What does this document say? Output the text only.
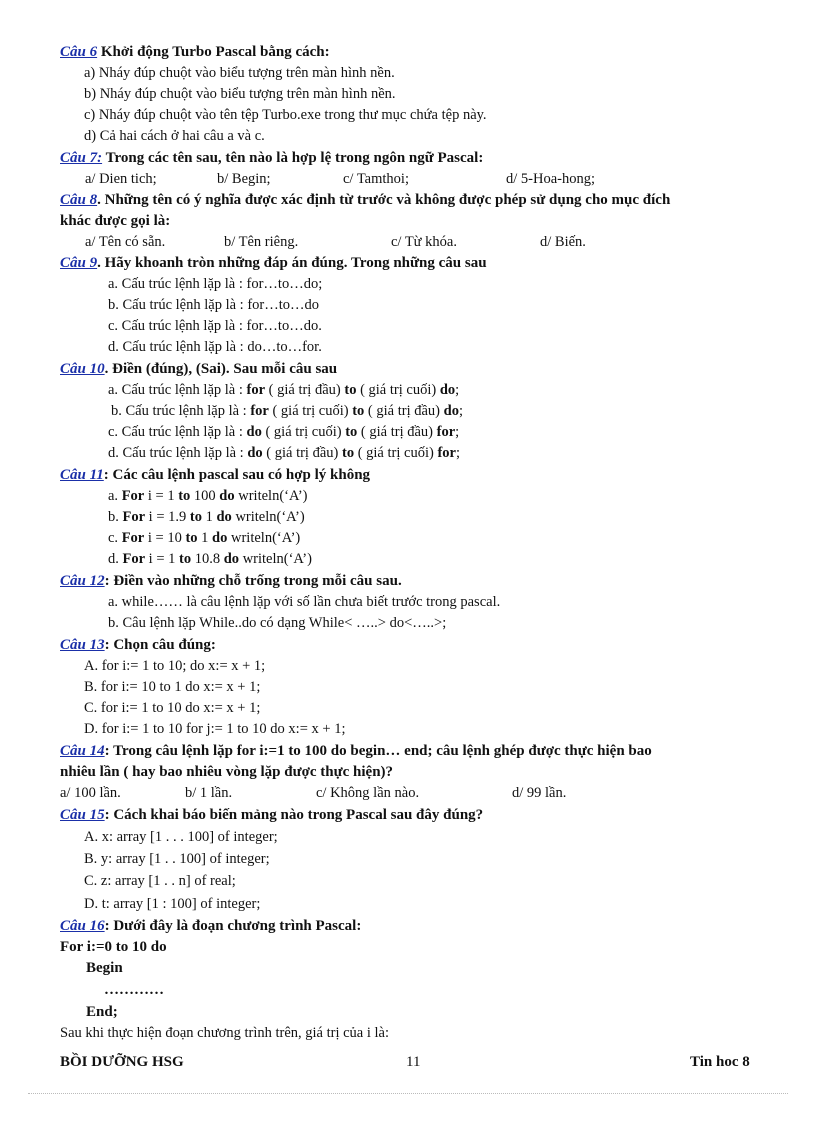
Câu 6 Khởi động Turbo Pascal bằng cách:
a) Nháy đúp chuột vào biểu tượng trên màn hình nền.
b) Nháy đúp chuột vào biểu tượng trên màn hình nền.
c) Nháy đúp chuột vào tên tệp Turbo.exe trong thư mục chứa tệp này.
d) Cả hai cách ở hai câu a và c.
Câu 7: Trong các tên sau, tên nào là hợp lệ trong ngôn ngữ Pascal:
a/ Dien tich;	b/ Begin;	c/ Tamthoi;	d/ 5-Hoa-hong;
Câu 8. Những tên có ý nghĩa được xác định từ trước và không được phép sử dụng cho mục đích
khác được gọi là:
a/ Tên có sẵn.	b/ Tên riêng.	c/ Từ khóa.	d/ Biến.
Câu 9. Hãy khoanh tròn những đáp án đúng. Trong những câu sau
a. Cấu trúc lệnh lặp là : for…to…do;
b. Cấu trúc lệnh lặp là : for…to…do
c. Cấu trúc lệnh lặp là : for…to…do.
d. Cấu trúc lệnh lặp là : do…to…for.
Câu 10. Điền (đúng), (Sai). Sau mỗi câu sau
a. Cấu trúc lệnh lặp là : for ( giá trị đầu) to ( giá trị cuối) do;
b. Cấu trúc lệnh lặp là : for ( giá trị cuối) to ( giá trị đầu) do;
c. Cấu trúc lệnh lặp là : do ( giá trị cuối) to ( giá trị đầu) for;
d. Cấu trúc lệnh lặp là : do ( giá trị đầu) to ( giá trị cuối) for;
Câu 11: Các câu lệnh pascal sau có hợp lý không
a. For i = 1 to 100 do writeln(‘A’)
b. For i = 1.9 to 1 do writeln(‘A’)
c. For i = 10 to 1 do writeln(‘A’)
d. For i = 1 to 10.8 do writeln(‘A’)
Câu 12: Điền vào những chỗ trống trong mỗi câu sau.
a. while…… là câu lệnh lặp với số lần chưa biết trước trong pascal.
b. Câu lệnh lặp While..do có dạng While< …..> do<…..>;
Câu 13: Chọn câu đúng:
A. for i:= 1 to 10; do x:= x + 1;
B. for i:= 10 to 1 do x:= x + 1;
C. for i:= 1 to 10 do x:= x + 1;
D. for i:= 1 to 10 for j:= 1 to 10 do x:= x + 1;
Câu 14: Trong câu lệnh lặp for i:=1 to 100 do begin… end; câu lệnh ghép được thực hiện bao
nhiêu lần ( hay bao nhiêu vòng lặp được thực hiện)?
a/ 100 lần.	b/ 1 lần.	c/ Không lần nào.	d/ 99 lần.
Câu 15: Cách khai báo biến mảng nào trong Pascal sau đây đúng?
A. x: array [1 . . . 100] of integer;
B. y: array [1 . . 100] of integer;
C. z: array [1 . . n] of real;
D. t: array [1 : 100] of integer;
Câu 16: Dưới đây là đoạn chương trình Pascal:
For i:=0 to 10 do
Begin
…………
End;
Sau khi thực hiện đoạn chương trình trên, giá trị của i là:
BỒI DƯỠNG HSG	11	Tin hoc 8
